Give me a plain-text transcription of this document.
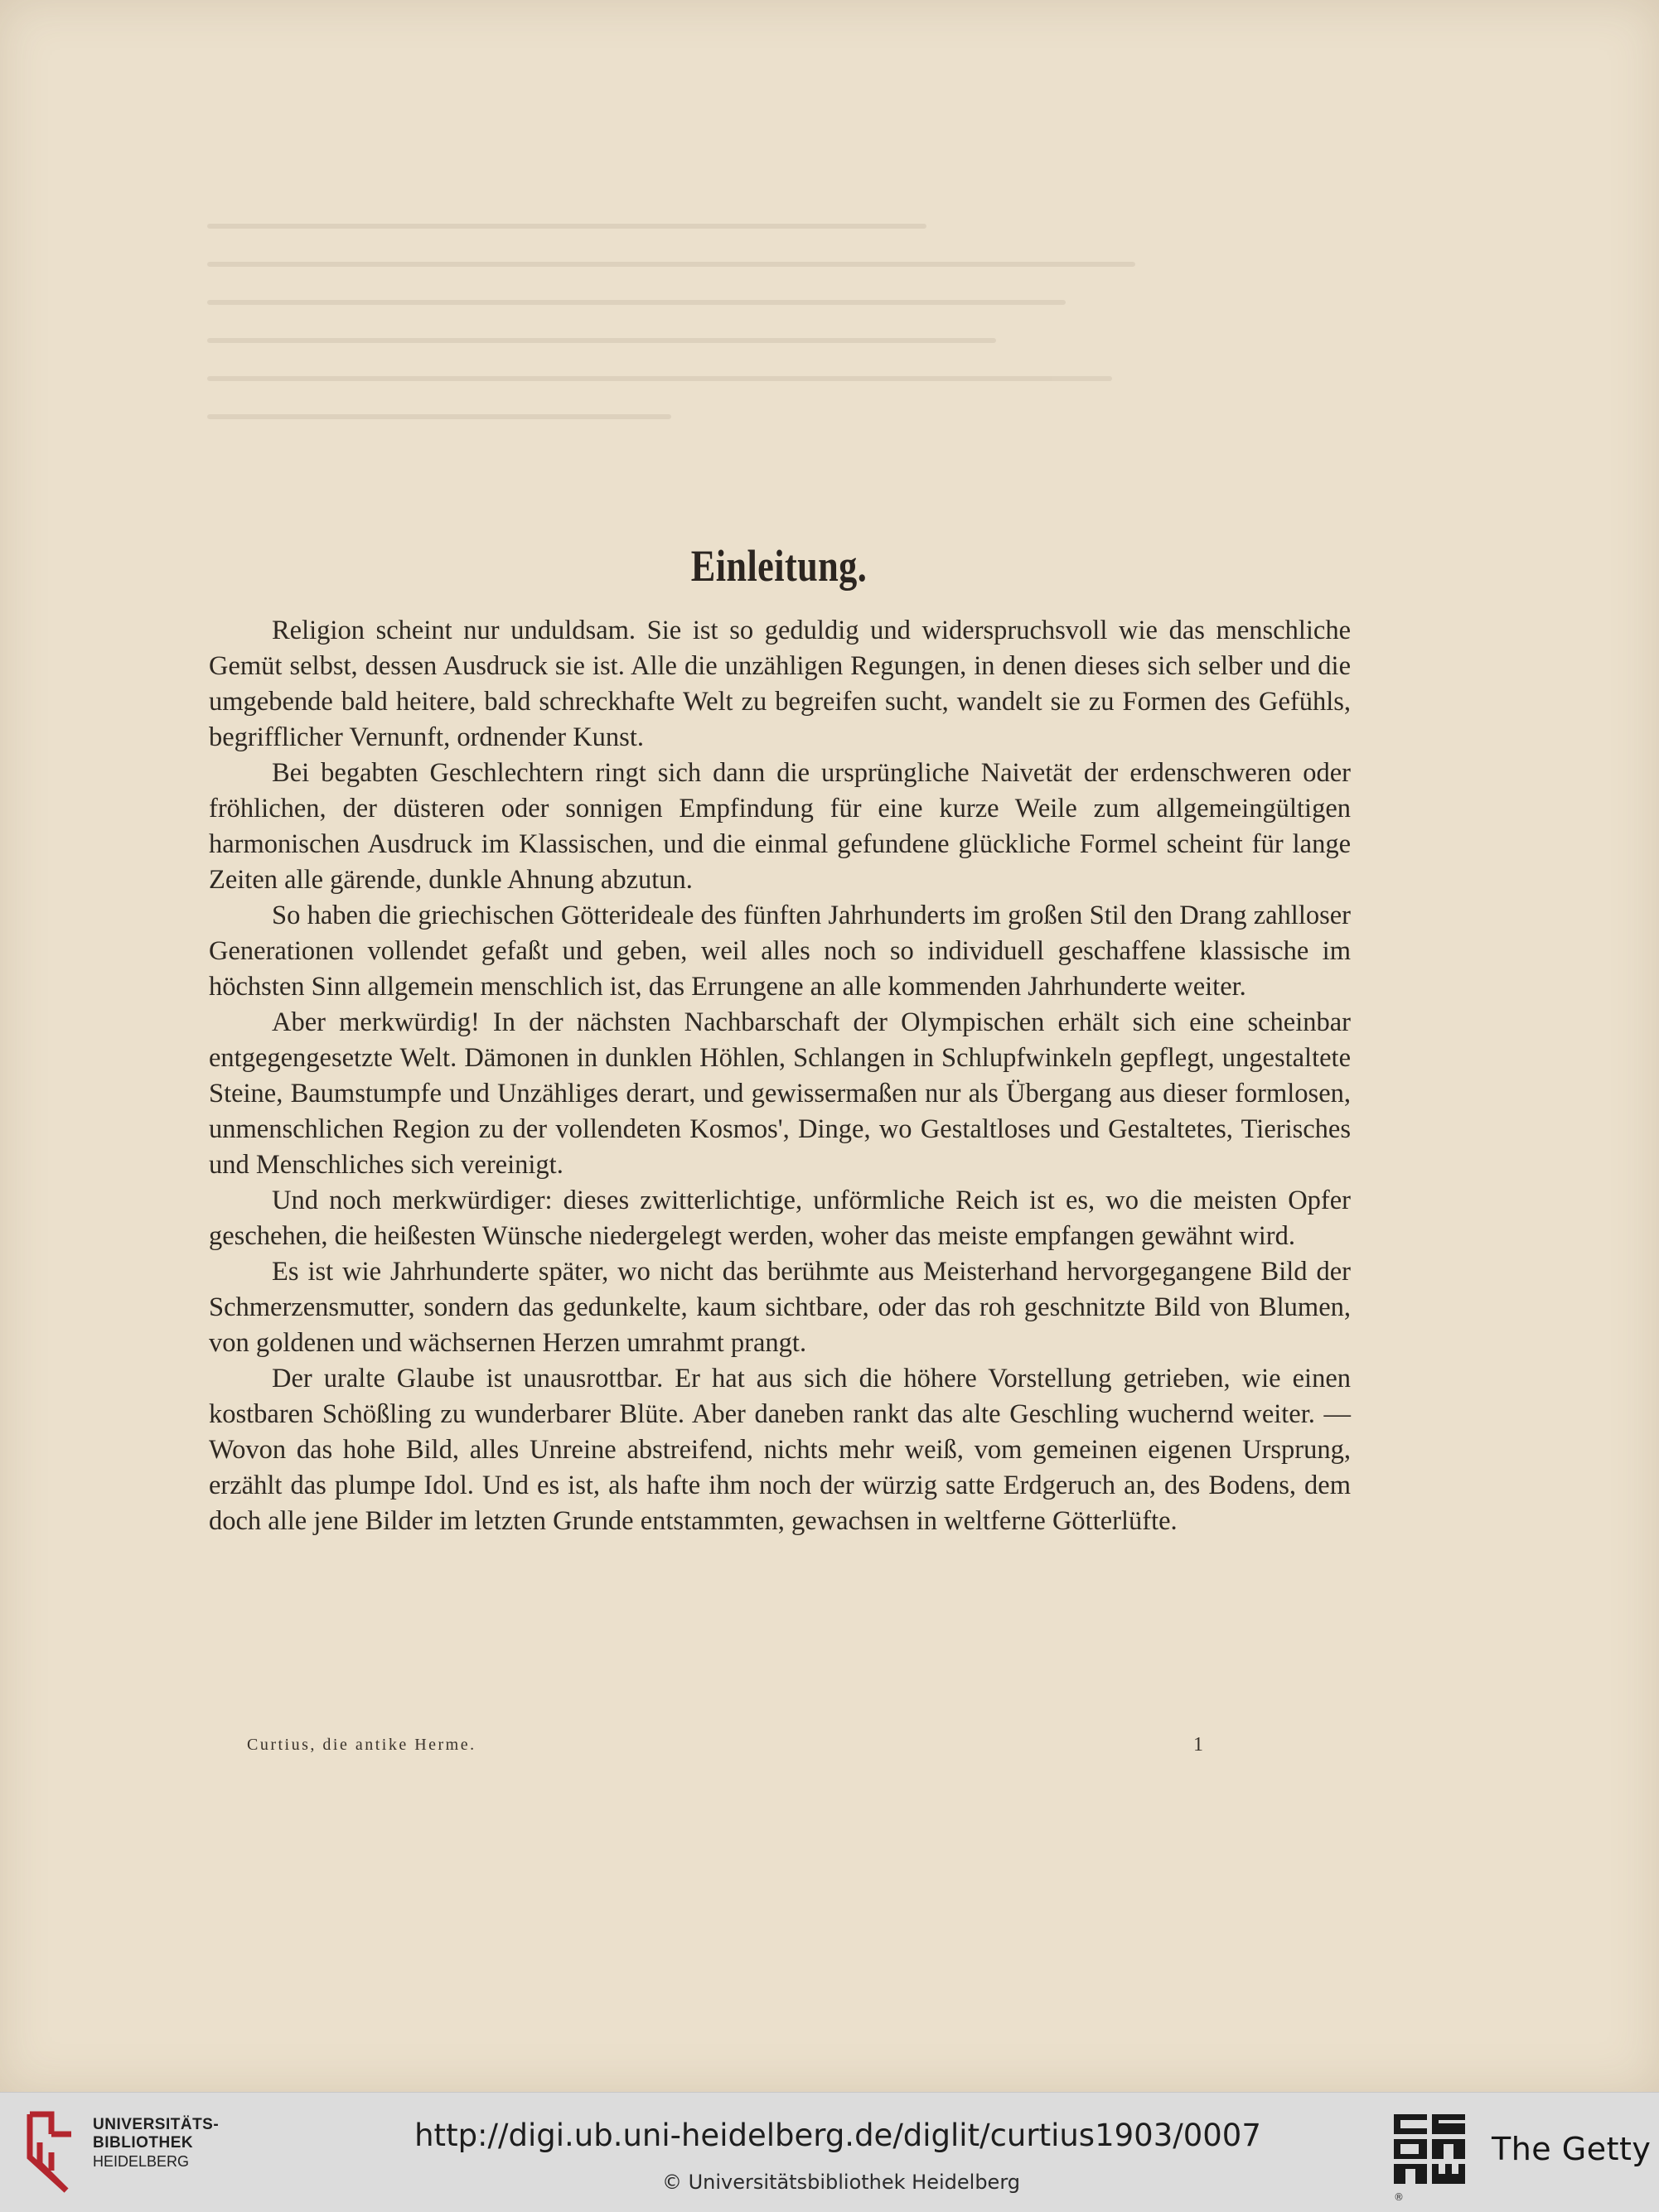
Einleitung.

Religion scheint nur unduldsam. Sie ist so geduldig und widerspruchsvoll wie das menschliche Gemüt selbst, dessen Ausdruck sie ist. Alle die unzähligen Regungen, in denen dieses sich selber und die umgebende bald heitere, bald schreckhafte Welt zu begreifen sucht, wandelt sie zu Formen des Gefühls, begrifflicher Vernunft, ordnender Kunst.

Bei begabten Geschlechtern ringt sich dann die ursprüngliche Naivetät der erdenschweren oder fröhlichen, der düsteren oder sonnigen Empfindung für eine kurze Weile zum allgemeingültigen harmonischen Ausdruck im Klassischen, und die einmal gefundene glückliche Formel scheint für lange Zeiten alle gärende, dunkle Ahnung abzutun.

So haben die griechischen Götterideale des fünften Jahrhunderts im großen Stil den Drang zahlloser Generationen vollendet gefaßt und geben, weil alles noch so individuell geschaffene klassische im höchsten Sinn allgemein menschlich ist, das Errungene an alle kommenden Jahrhunderte weiter.

Aber merkwürdig! In der nächsten Nachbarschaft der Olympischen erhält sich eine scheinbar entgegengesetzte Welt. Dämonen in dunklen Höhlen, Schlangen in Schlupfwinkeln gepflegt, ungestaltete Steine, Baumstumpfe und Unzähliges derart, und gewissermaßen nur als Übergang aus dieser formlosen, unmenschlichen Region zu der vollendeten Kosmos', Dinge, wo Gestaltloses und Gestaltetes, Tierisches und Menschliches sich vereinigt.

Und noch merkwürdiger: dieses zwitterlichtige, unförmliche Reich ist es, wo die meisten Opfer geschehen, die heißesten Wünsche niedergelegt werden, woher das meiste empfangen gewähnt wird.

Es ist wie Jahrhunderte später, wo nicht das berühmte aus Meisterhand hervorgegangene Bild der Schmerzensmutter, sondern das gedunkelte, kaum sichtbare, oder das roh geschnitzte Bild von Blumen, von goldenen und wächsernen Herzen umrahmt prangt.

Der uralte Glaube ist unausrottbar. Er hat aus sich die höhere Vorstellung getrieben, wie einen kostbaren Schößling zu wunderbarer Blüte. Aber daneben rankt das alte Geschling wuchernd weiter. — Wovon das hohe Bild, alles Unreine abstreifend, nichts mehr weiß, vom gemeinen eigenen Ursprung, erzählt das plumpe Idol. Und es ist, als hafte ihm noch der würzig satte Erdgeruch an, des Bodens, dem doch alle jene Bilder im letzten Grunde entstammten, gewachsen in weltferne Götterlüfte.

Curtius, die antike Herme.	1
UNIVERSITÄTS-
BIBLIOTHEK
HEIDELBERG
http://digi.ub.uni-heidelberg.de/diglit/curtius1903/0007
© Universitätsbibliothek Heidelberg
®
The Getty
